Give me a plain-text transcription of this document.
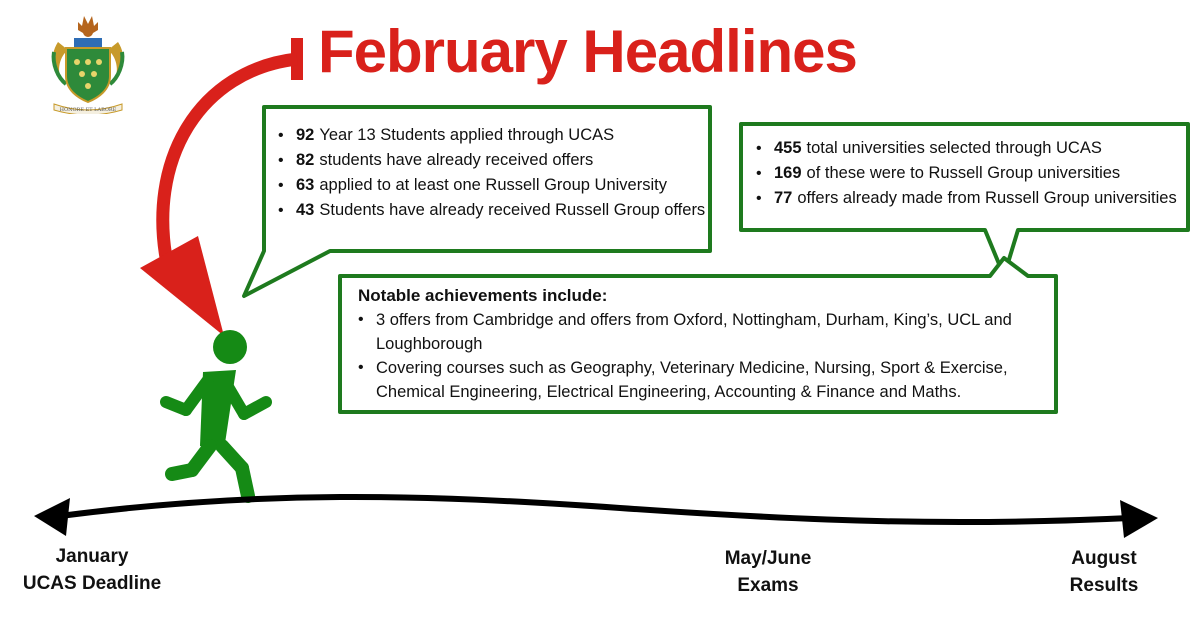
HONORE ET LABORE
February Headlines
• 92 Year 13 Students applied through UCAS
• 82 students have already received offers
• 63 applied to at least one Russell Group University
• 43 Students have already received Russell Group offers
• 455 total universities selected through UCAS
• 169 of these were to Russell Group universities
• 77 offers already made from Russell Group universities
Notable achievements include:
• 3 offers from Cambridge and offers from Oxford, Nottingham, Durham, King’s, UCL and Loughborough
• Covering courses such as Geography, Veterinary Medicine, Nursing, Sport & Exercise, Chemical Engineering, Electrical Engineering, Accounting & Finance and Maths.
January
UCAS Deadline
May/June
Exams
August
Results
